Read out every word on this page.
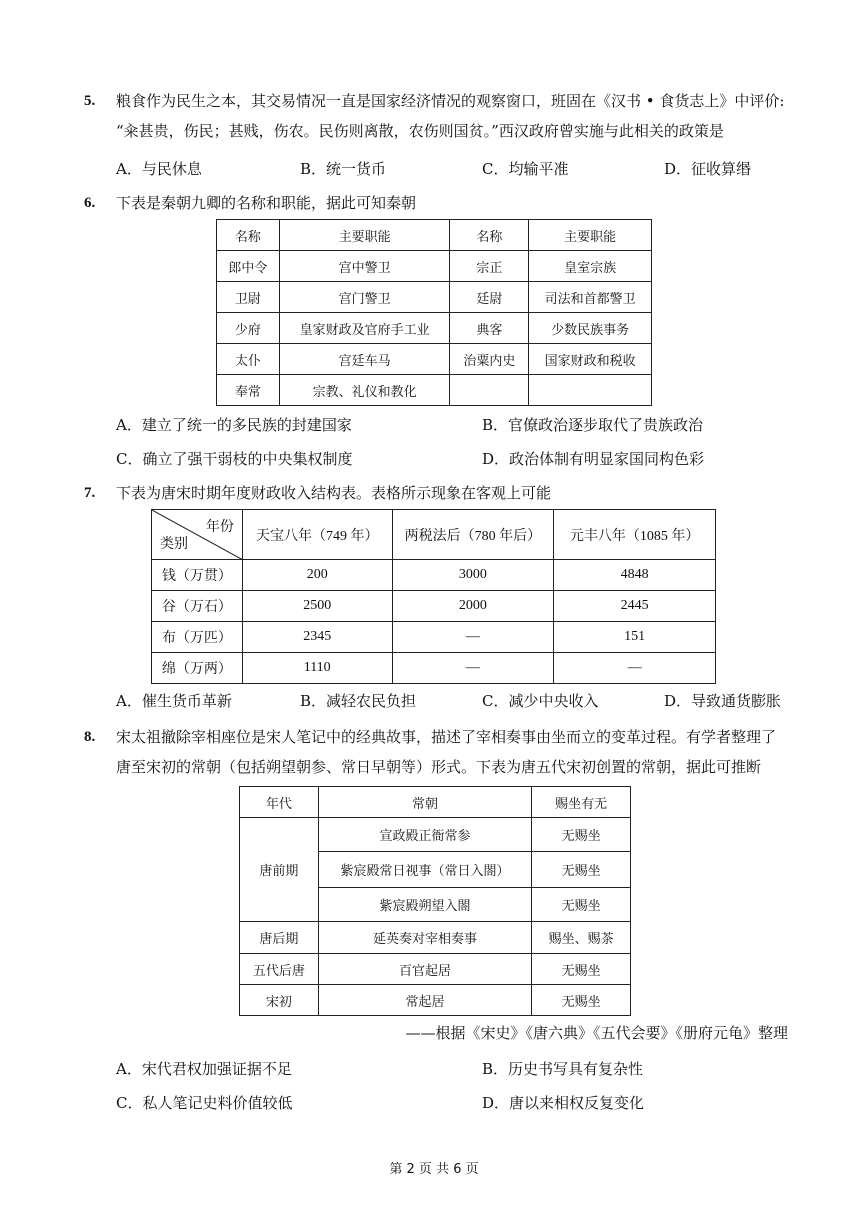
5. 粮食作为民生之本，其交易情况一直是国家经济情况的观察窗口，班固在《汉书 • 食货志上》中评价:
“籴甚贵，伤民；甚贱，伤农。民伤则离散，农伤则国贫。”西汉政府曾实施与此相关的政策是
A．与民休息	B．统一货币	C．均输平准	D．征收算缗
6. 下表是秦朝九卿的名称和职能，据此可知秦朝
名称	主要职能	名称	主要职能
郎中令	宫中警卫	宗正	皇室宗族
卫尉	宫门警卫	廷尉	司法和首都警卫
少府	皇家财政及官府手工业	典客	少数民族事务
太仆	宫廷车马	治粟内史	国家财政和税收
奉常	宗教、礼仪和教化		
A．建立了统一的多民族的封建国家	B．官僚政治逐步取代了贵族政治
C．确立了强干弱枝的中央集权制度	D．政治体制有明显家国同构色彩
7. 下表为唐宋时期年度财政收入结构表。表格所示现象在客观上可能
年份
类别	天宝八年（749 年）	两税法后（780 年后）	元丰八年（1085 年）
钱（万贯）	200	3000	4848
谷（万石）	2500	2000	2445
布（万匹）	2345	—	151
绵（万两）	1110	—	—
A．催生货币革新	B．减轻农民负担	C．减少中央收入	D．导致通货膨胀
8. 宋太祖撤除宰相座位是宋人笔记中的经典故事，描述了宰相奏事由坐而立的变革过程。有学者整理了
唐至宋初的常朝（包括朔望朝参、常日早朝等）形式。下表为唐五代宋初创置的常朝，据此可推断
年代	常朝	赐坐有无
唐前期	宣政殿正衙常参	无赐坐
	紫宸殿常日视事（常日入閤）	无赐坐
	紫宸殿朔望入閤	无赐坐
唐后期	延英奏对宰相奏事	赐坐、赐茶
五代后唐	百官起居	无赐坐
宋初	常起居	无赐坐
——根据《宋史》《唐六典》《五代会要》《册府元龟》整理
A．宋代君权加强证据不足	B．历史书写具有复杂性
C．私人笔记史料价值较低	D．唐以来相权反复变化
第 2 页 共 6 页
